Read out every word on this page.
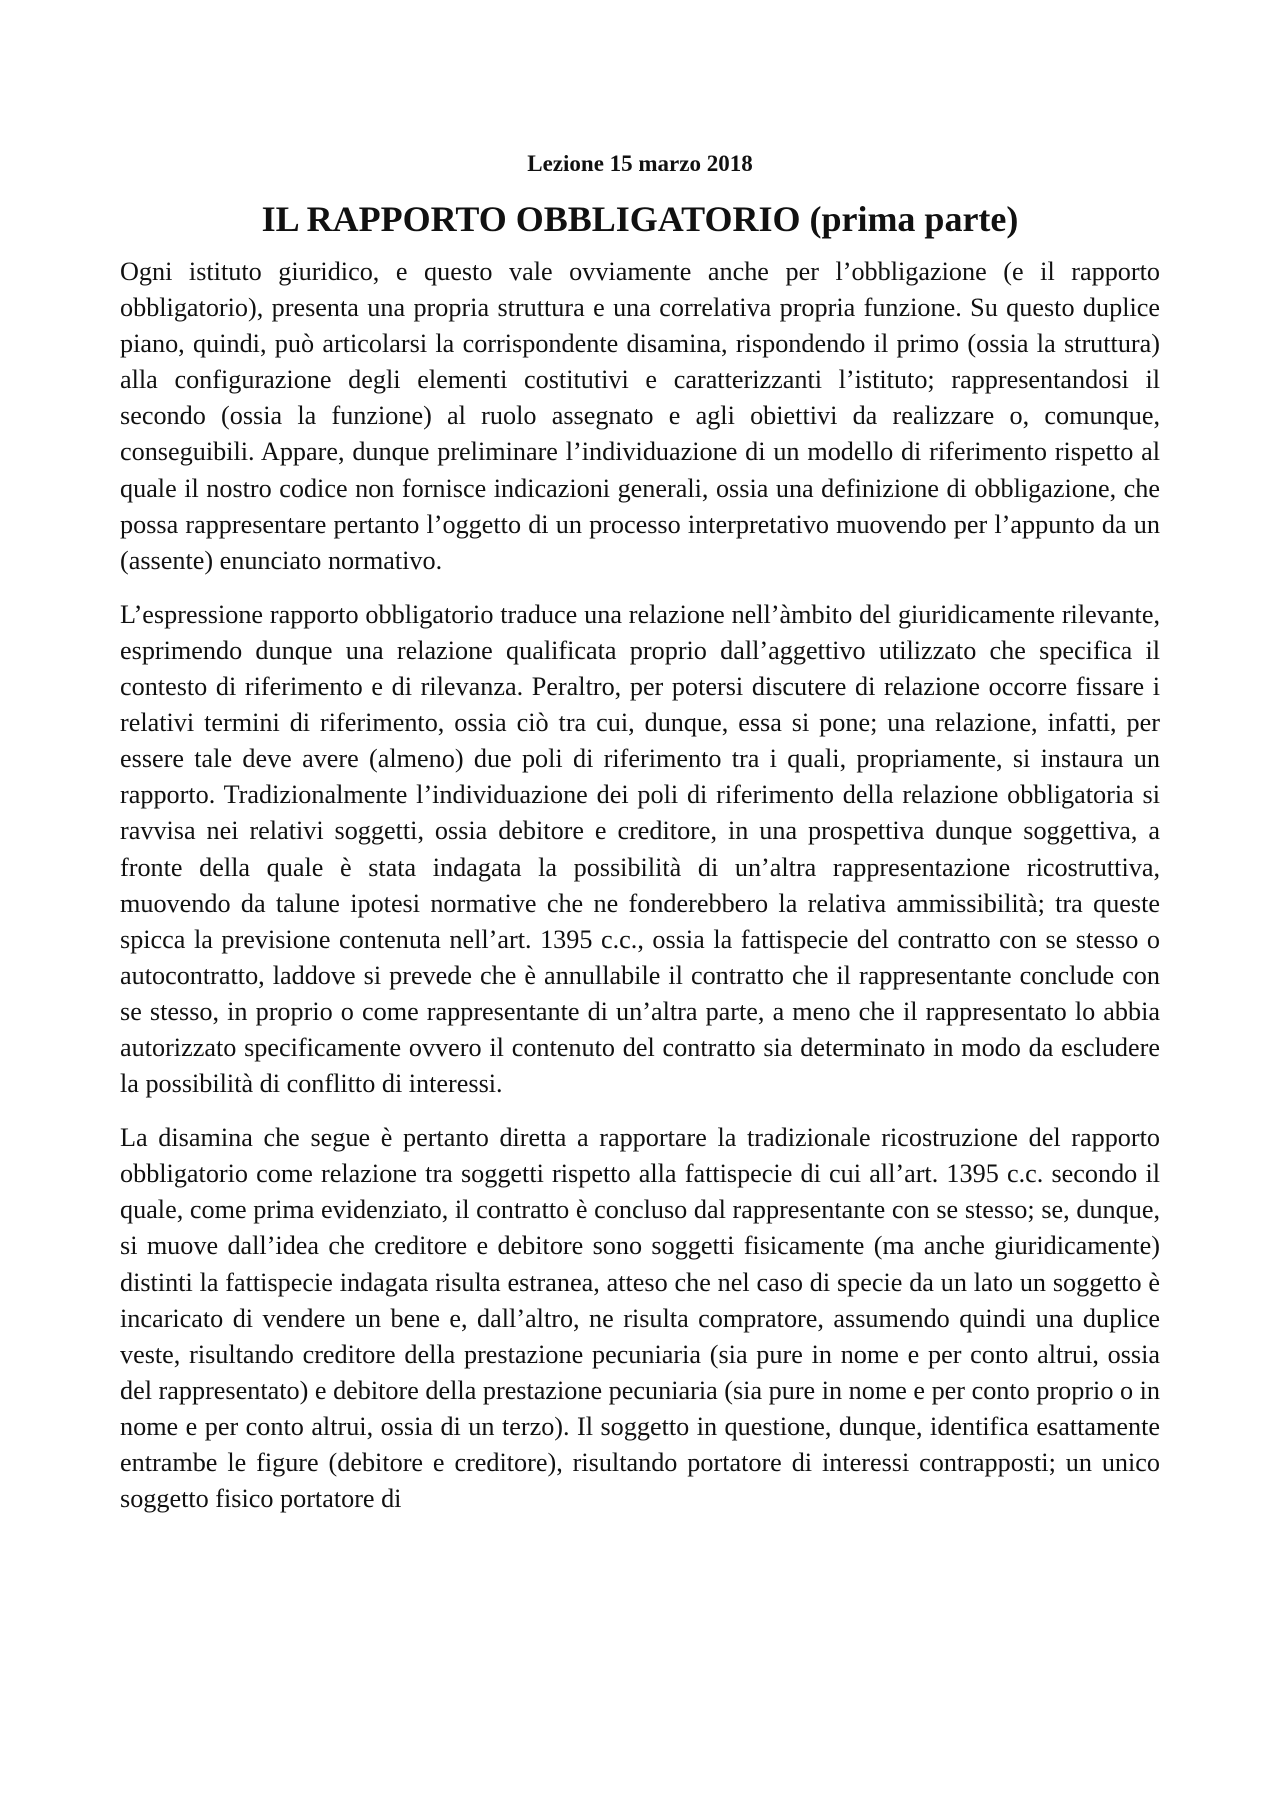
Lezione 15 marzo 2018
IL RAPPORTO OBBLIGATORIO (prima parte)

Ogni istituto giuridico, e questo vale ovviamente anche per l’obbligazione (e il rapporto obbligatorio), presenta una propria struttura e una correlativa propria funzione. Su questo duplice piano, quindi, può articolarsi la corrispondente disamina, rispondendo il primo (ossia la struttura) alla configurazione degli elementi costitutivi e caratterizzanti l’istituto; rappresentandosi il secondo (ossia la funzione) al ruolo assegnato e agli obiettivi da realizzare o, comunque, conseguibili. Appare, dunque preliminare l’individuazione di un modello di riferimento rispetto al quale il nostro codice non fornisce indicazioni generali, ossia una definizione di obbligazione, che possa rappresentare pertanto l’oggetto di un processo interpretativo muovendo per l’appunto da un (assente) enunciato normativo.

L’espressione rapporto obbligatorio traduce una relazione nell’àmbito del giuridicamente rilevante, esprimendo dunque una relazione qualificata proprio dall’aggettivo utilizzato che specifica il contesto di riferimento e di rilevanza. Peraltro, per potersi discutere di relazione occorre fissare i relativi termini di riferimento, ossia ciò tra cui, dunque, essa si pone; una relazione, infatti, per essere tale deve avere (almeno) due poli di riferimento tra i quali, propriamente, si instaura un rapporto. Tradizionalmente l’individuazione dei poli di riferimento della relazione obbligatoria si ravvisa nei relativi soggetti, ossia debitore e creditore, in una prospettiva dunque soggettiva, a fronte della quale è stata indagata la possibilità di un’altra rappresentazione ricostruttiva, muovendo da talune ipotesi normative che ne fonderebbero la relativa ammissibilità; tra queste spicca la previsione contenuta nell’art. 1395 c.c., ossia la fattispecie del contratto con se stesso o autocontratto, laddove si prevede che è annullabile il contratto che il rappresentante conclude con se stesso, in proprio o come rappresentante di un’altra parte, a meno che il rappresentato lo abbia autorizzato specificamente ovvero il contenuto del contratto sia determinato in modo da escludere la possibilità di conflitto di interessi.

La disamina che segue è pertanto diretta a rapportare la tradizionale ricostruzione del rapporto obbligatorio come relazione tra soggetti rispetto alla fattispecie di cui all’art. 1395 c.c. secondo il quale, come prima evidenziato, il contratto è concluso dal rappresentante con se stesso; se, dunque, si muove dall’idea che creditore e debitore sono soggetti fisicamente (ma anche giuridicamente) distinti la fattispecie indagata risulta estranea, atteso che nel caso di specie da un lato un soggetto è incaricato di vendere un bene e, dall’altro, ne risulta compratore, assumendo quindi una duplice veste, risultando creditore della prestazione pecuniaria (sia pure in nome e per conto altrui, ossia del rappresentato) e debitore della prestazione pecuniaria (sia pure in nome e per conto proprio o in nome e per conto altrui, ossia di un terzo). Il soggetto in questione, dunque, identifica esattamente entrambe le figure (debitore e creditore), risultando portatore di interessi contrapposti; un unico soggetto fisico portatore di
